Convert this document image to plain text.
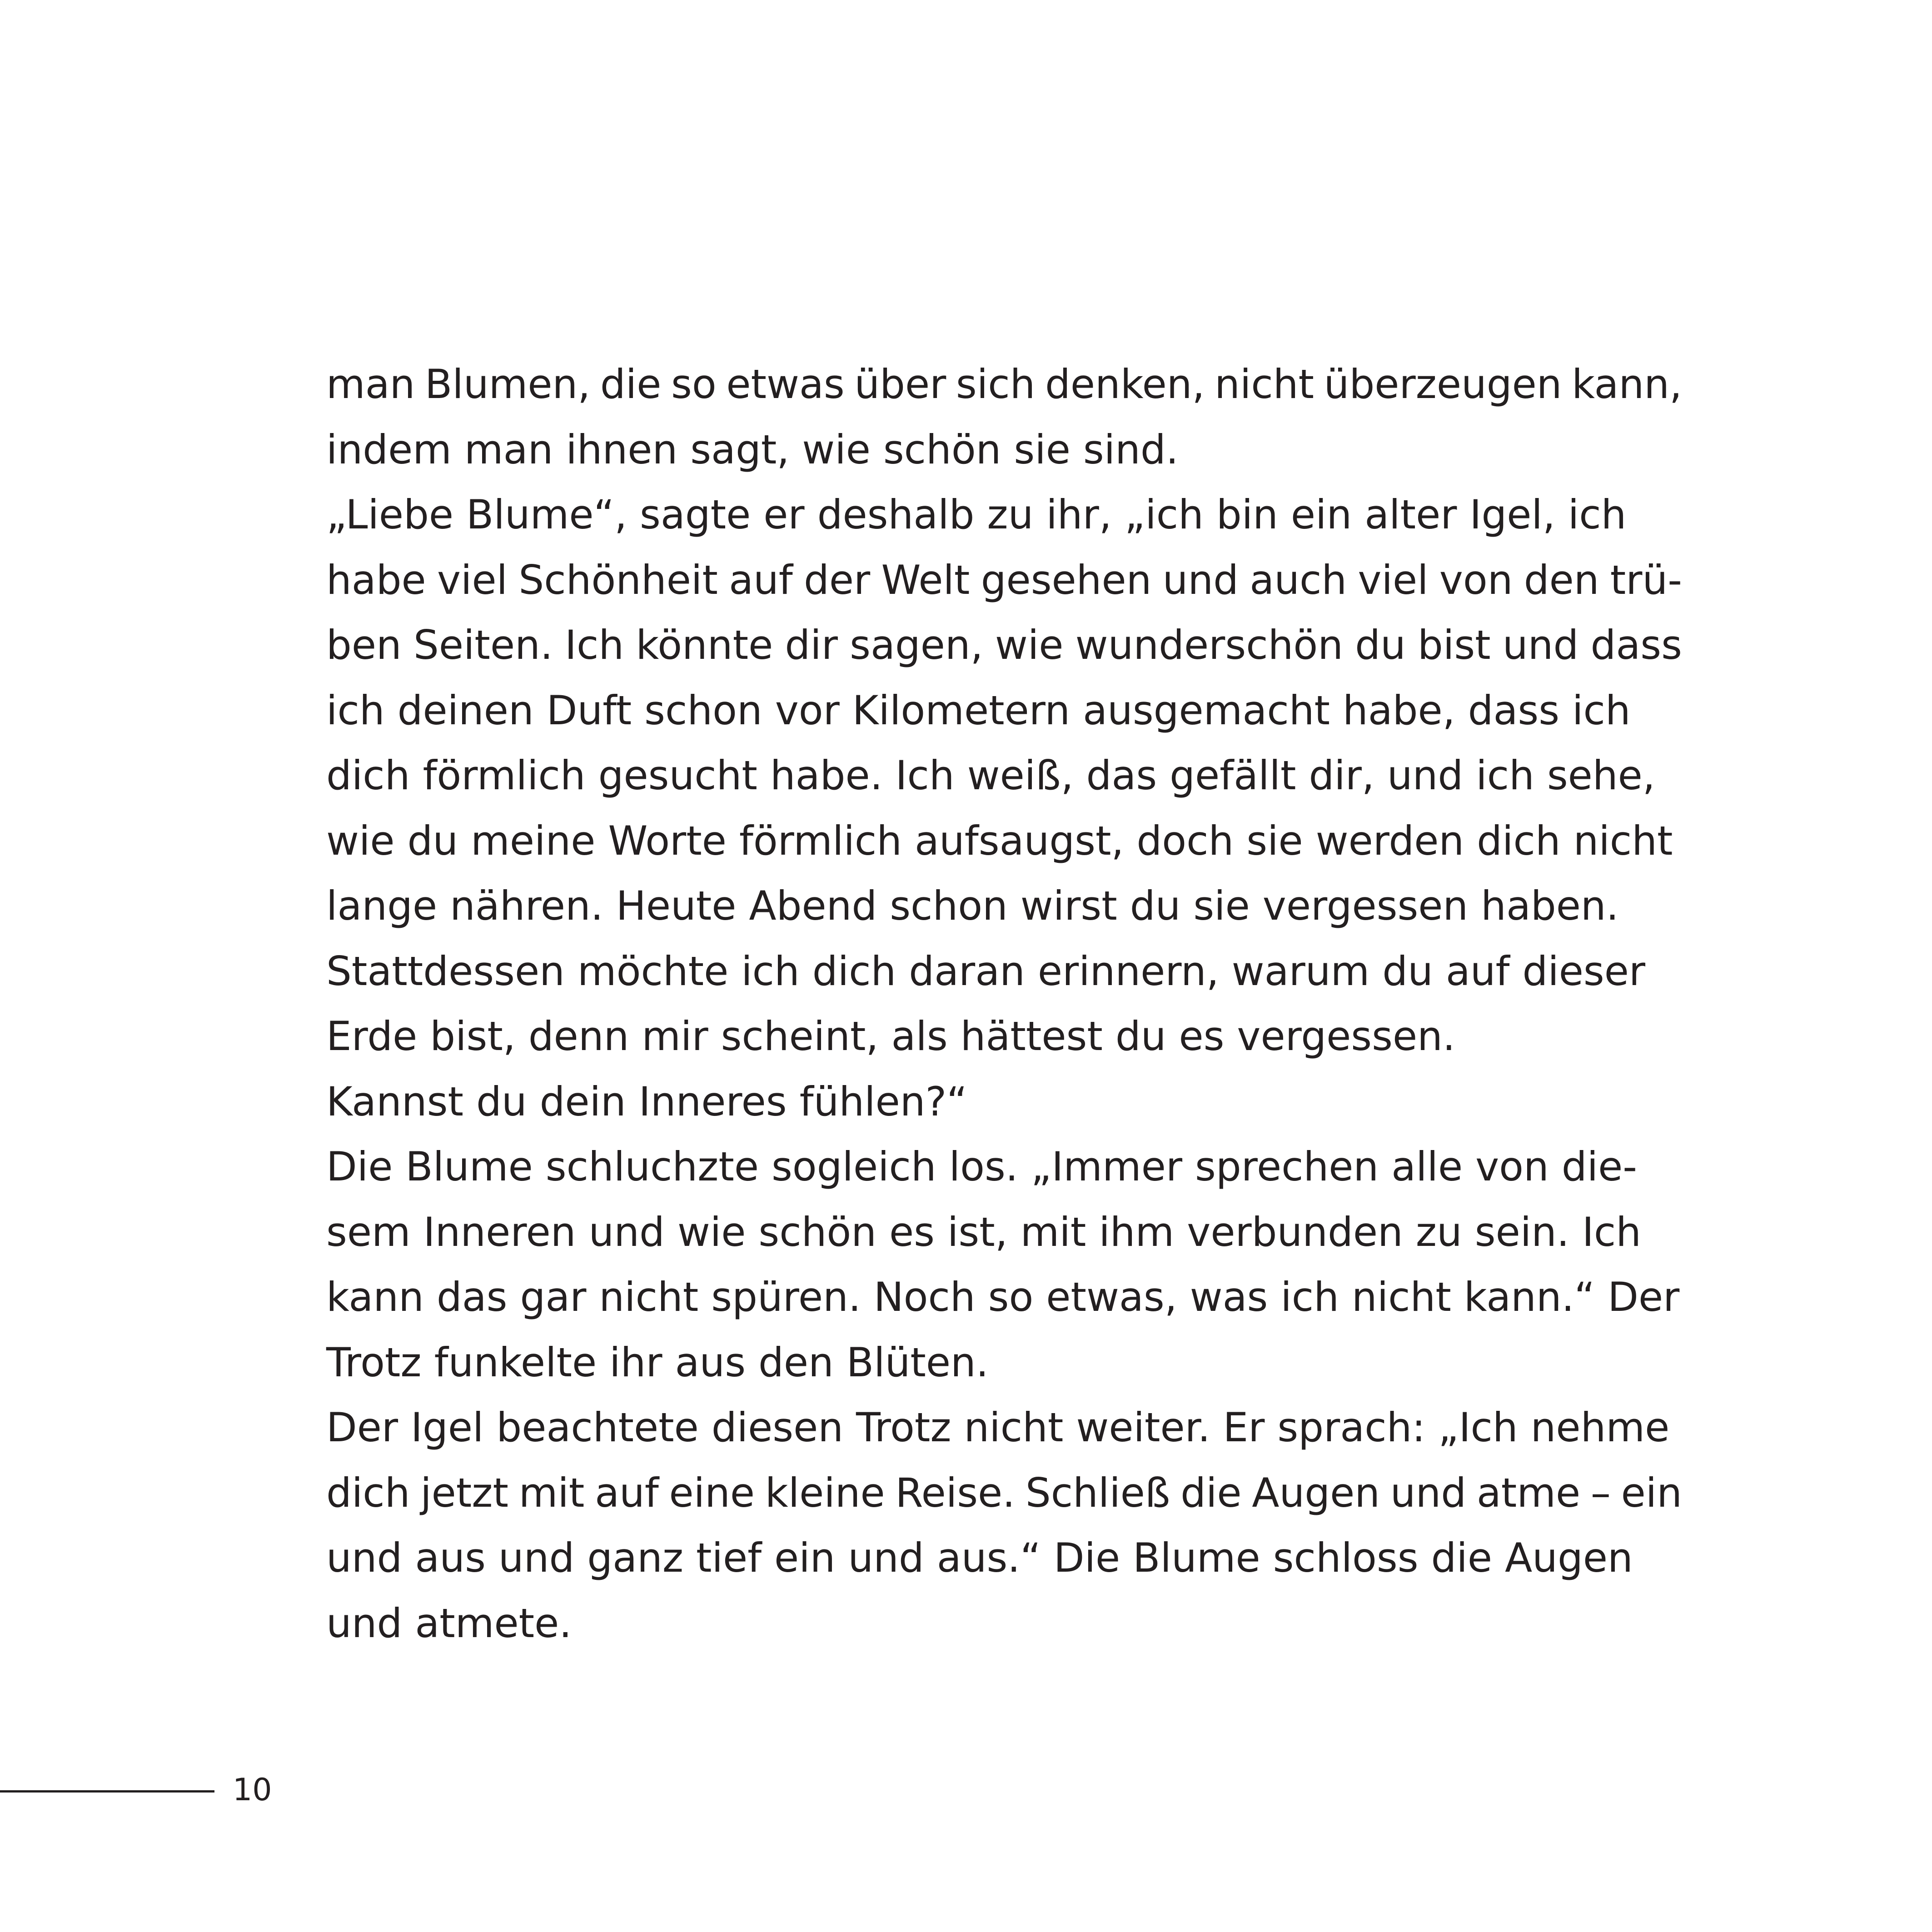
man Blumen, die so etwas über sich denken, nicht überzeugen kann,
indem man ihnen sagt, wie schön sie sind.
„Liebe Blume“, sagte er deshalb zu ihr, „ich bin ein alter Igel, ich
habe viel Schönheit auf der Welt gesehen und auch viel von den trü-
ben Seiten. Ich könnte dir sagen, wie wunderschön du bist und dass
ich deinen Duft schon vor Kilometern ausgemacht habe, dass ich
dich förmlich gesucht habe. Ich weiß, das gefällt dir, und ich sehe,
wie du meine Worte förmlich aufsaugst, doch sie werden dich nicht
lange nähren. Heute Abend schon wirst du sie vergessen haben.
Stattdessen möchte ich dich daran erinnern, warum du auf dieser
Erde bist, denn mir scheint, als hättest du es vergessen.
Kannst du dein Inneres fühlen?“
Die Blume schluchzte sogleich los. „Immer sprechen alle von die-
sem Inneren und wie schön es ist, mit ihm verbunden zu sein. Ich
kann das gar nicht spüren. Noch so etwas, was ich nicht kann.“ Der
Trotz funkelte ihr aus den Blüten.
Der Igel beachtete diesen Trotz nicht weiter. Er sprach: „Ich nehme
dich jetzt mit auf eine kleine Reise. Schließ die Augen und atme – ein
und aus und ganz tief ein und aus.“ Die Blume schloss die Augen
und atmete.
10
